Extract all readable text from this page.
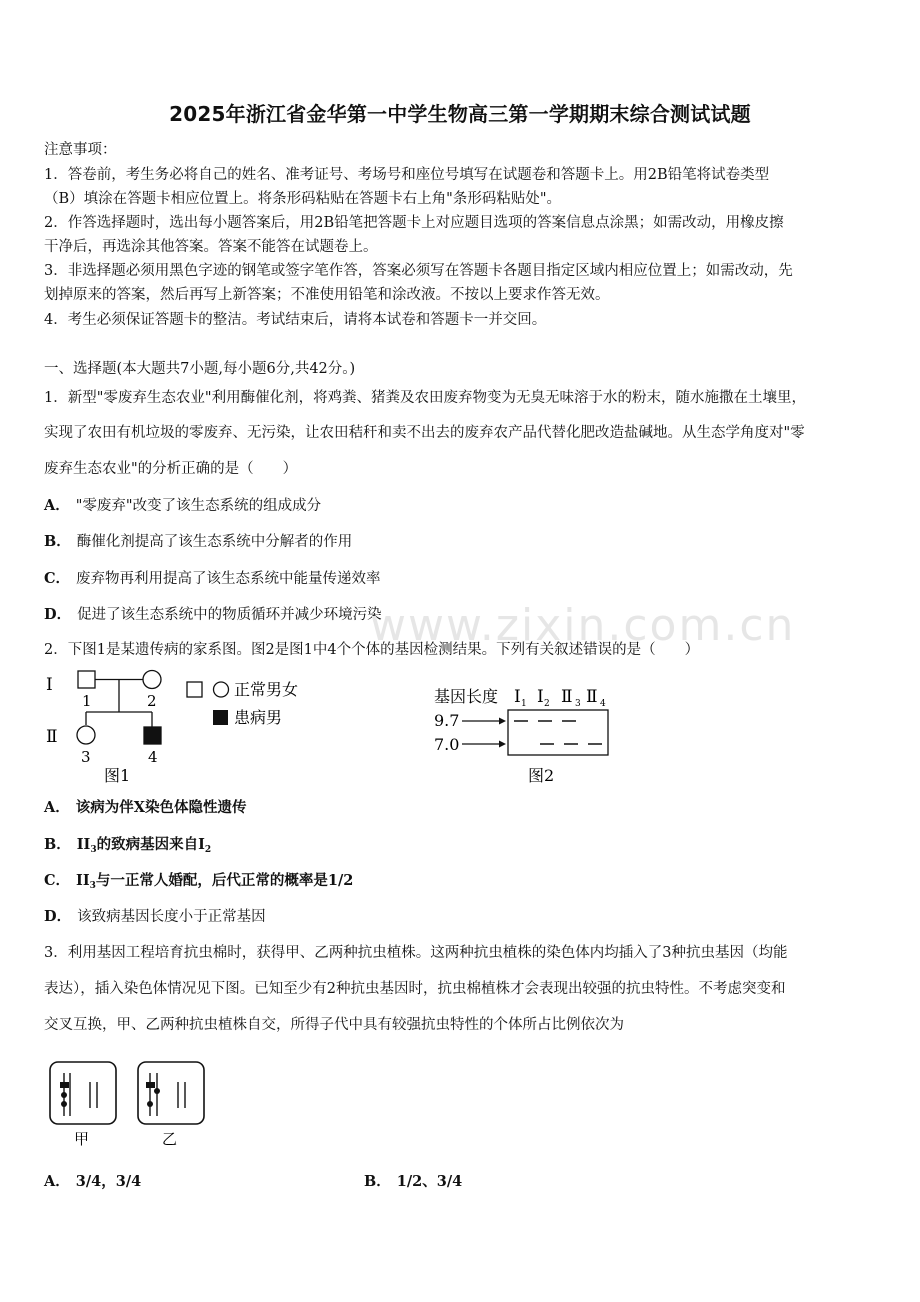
2025年浙江省金华第一中学生物高三第一学期期末综合测试试题
注意事项：
1．答卷前，考生务必将自己的姓名、准考证号、考场号和座位号填写在试题卷和答题卡上。用2B铅笔将试卷类型
（B）填涂在答题卡相应位置上。将条形码粘贴在答题卡右上角"条形码粘贴处"。
2．作答选择题时，选出每小题答案后，用2B铅笔把答题卡上对应题目选项的答案信息点涂黑；如需改动，用橡皮擦
干净后，再选涂其他答案。答案不能答在试题卷上。
3．非选择题必须用黑色字迹的钢笔或签字笔作答，答案必须写在答题卡各题目指定区域内相应位置上；如需改动，先
划掉原来的答案，然后再写上新答案；不准使用铅笔和涂改液。不按以上要求作答无效。
4．考生必须保证答题卡的整洁。考试结束后，请将本试卷和答题卡一并交回。
一、选择题(本大题共7小题,每小题6分,共42分。)
1．新型"零废弃生态农业"利用酶催化剂，将鸡粪、猪粪及农田废弃物变为无臭无味溶于水的粉末，随水施撒在土壤里，
实现了农田有机垃圾的零废弃、无污染，让农田秸秆和卖不出去的废弃农产品代替化肥改造盐碱地。从生态学角度对"零
废弃生态农业"的分析正确的是（　　）
A． "零废弃"改变了该生态系统的组成成分
B． 酶催化剂提高了该生态系统中分解者的作用
C． 废弃物再利用提高了该生态系统中能量传递效率
D． 促进了该生态系统中的物质循环并减少环境污染
www.zixin.com.cn
2．下图1是某遗传病的家系图。图2是图1中4个个体的基因检测结果。下列有关叙述错误的是（　　）
I
Ⅱ
1	2
3	4
图1
正常男女
患病男
基因长度 I 1 I 2 Ⅱ 3 Ⅱ 4
9.7
7.0
图2
A． 该病为伴X染色体隐性遗传
B． $II_3$的致病基因来自$I_2$
C． $II_3$与一正常人婚配，后代正常的概率是1/2
D． 该致病基因长度小于正常基因
3．利用基因工程培育抗虫棉时，获得甲、乙两种抗虫植株。这两种抗虫植株的染色体内均插入了3种抗虫基因（均能
表达），插入染色体情况见下图。已知至少有2种抗虫基因时，抗虫棉植株才会表现出较强的抗虫特性。不考虑突变和
交叉互换，甲、乙两种抗虫植株自交，所得子代中具有较强抗虫特性的个体所占比例依次为
甲	乙
A． 3/4，3/4	B． 1/2、3/4
